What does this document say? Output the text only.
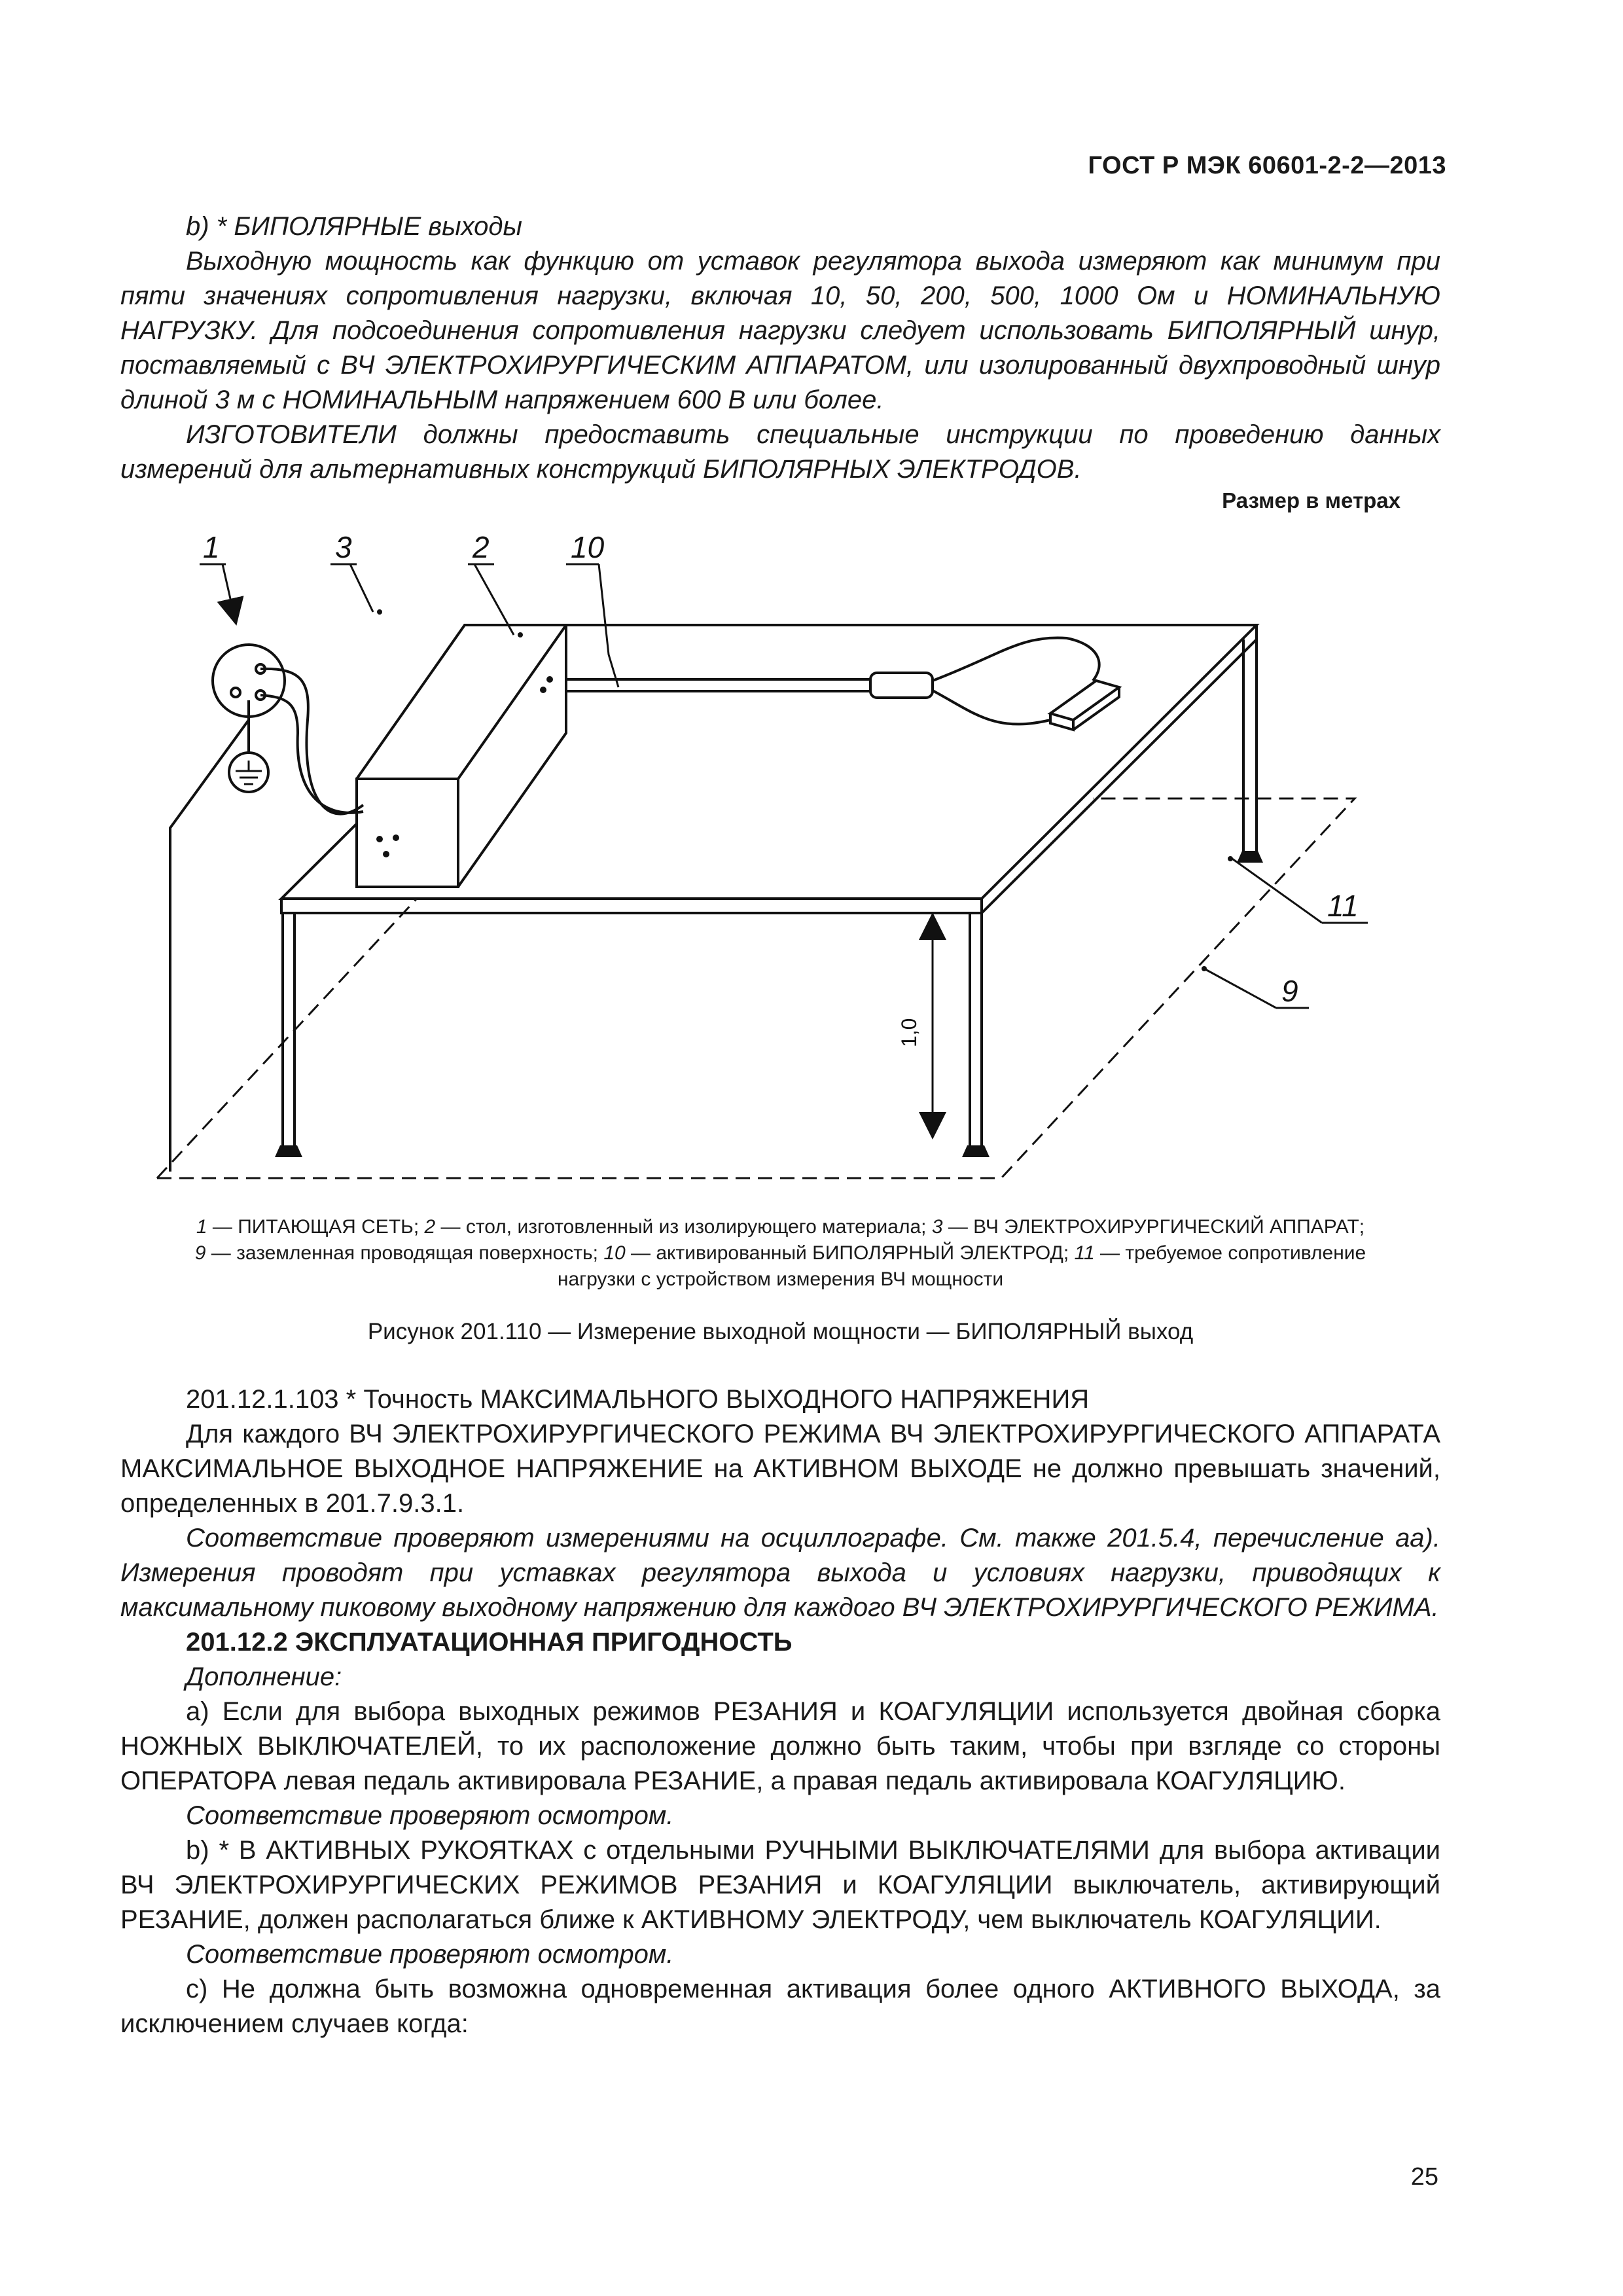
ГОСТ Р МЭК 60601-2-2—2013

b) * БИПОЛЯРНЫЕ выходы

Выходную мощность как функцию от уставок регулятора выхода измеряют как минимум при пяти значениях сопротивления нагрузки, включая 10, 50, 200, 500, 1000 Ом и НОМИНАЛЬНУЮ НАГРУЗКУ. Для подсоединения сопротивления нагрузки следует использовать БИПОЛЯРНЫЙ шнур, поставляемый с ВЧ ЭЛЕКТРОХИРУРГИЧЕСКИМ АППАРАТОМ, или изолированный двухпроводный шнур длиной 3 м с НОМИНАЛЬНЫМ напряжением 600 В или более.

ИЗГОТОВИТЕЛИ должны предоставить специальные инструкции по проведению данных измерений для альтернативных конструкций БИПОЛЯРНЫХ ЭЛЕКТРОДОВ.

Размер в метрах
1	3	2	10
11
9
1,0
1 — ПИТАЮЩАЯ СЕТЬ; 2 — стол, изготовленный из изолирующего материала; 3 — ВЧ ЭЛЕКТРОХИРУРГИЧЕСКИЙ АППАРАТ;
9 — заземленная проводящая поверхность; 10 — активированный БИПОЛЯРНЫЙ ЭЛЕКТРОД; 11 — требуемое сопротивление
нагрузки с устройством измерения ВЧ мощности
Рисунок 201.110 — Измерение выходной мощности — БИПОЛЯРНЫЙ выход

201.12.1.103 * Точность МАКСИМАЛЬНОГО ВЫХОДНОГО НАПРЯЖЕНИЯ

Для каждого ВЧ ЭЛЕКТРОХИРУРГИЧЕСКОГО РЕЖИМА ВЧ ЭЛЕКТРОХИРУРГИЧЕСКОГО АППАРАТА МАКСИМАЛЬНОЕ ВЫХОДНОЕ НАПРЯЖЕНИЕ на АКТИВНОМ ВЫХОДЕ не должно превышать значений, определенных в 201.7.9.3.1.

Соответствие проверяют измерениями на осциллографе. См. также 201.5.4, перечисление аа). Измерения проводят при уставках регулятора выхода и условиях нагрузки, приводящих к максимальному пиковому выходному напряжению для каждого ВЧ ЭЛЕКТРОХИРУРГИЧЕСКОГО РЕЖИМА.

201.12.2 ЭКСПЛУАТАЦИОННАЯ ПРИГОДНОСТЬ

Дополнение:

а) Если для выбора выходных режимов РЕЗАНИЯ и КОАГУЛЯЦИИ используется двойная сборка НОЖНЫХ ВЫКЛЮЧАТЕЛЕЙ, то их расположение должно быть таким, чтобы при взгляде со стороны ОПЕРАТОРА левая педаль активировала РЕЗАНИЕ, а правая педаль активировала КОАГУЛЯЦИЮ.

Соответствие проверяют осмотром.

b) * В АКТИВНЫХ РУКОЯТКАХ с отдельными РУЧНЫМИ ВЫКЛЮЧАТЕЛЯМИ для выбора активации ВЧ ЭЛЕКТРОХИРУРГИЧЕСКИХ РЕЖИМОВ РЕЗАНИЯ и КОАГУЛЯЦИИ выключатель, активирующий РЕЗАНИЕ, должен располагаться ближе к АКТИВНОМУ ЭЛЕКТРОДУ, чем выключатель КОАГУЛЯЦИИ.

Соответствие проверяют осмотром.

с) Не должна быть возможна одновременная активация более одного АКТИВНОГО ВЫХОДА, за исключением случаев когда:

25
